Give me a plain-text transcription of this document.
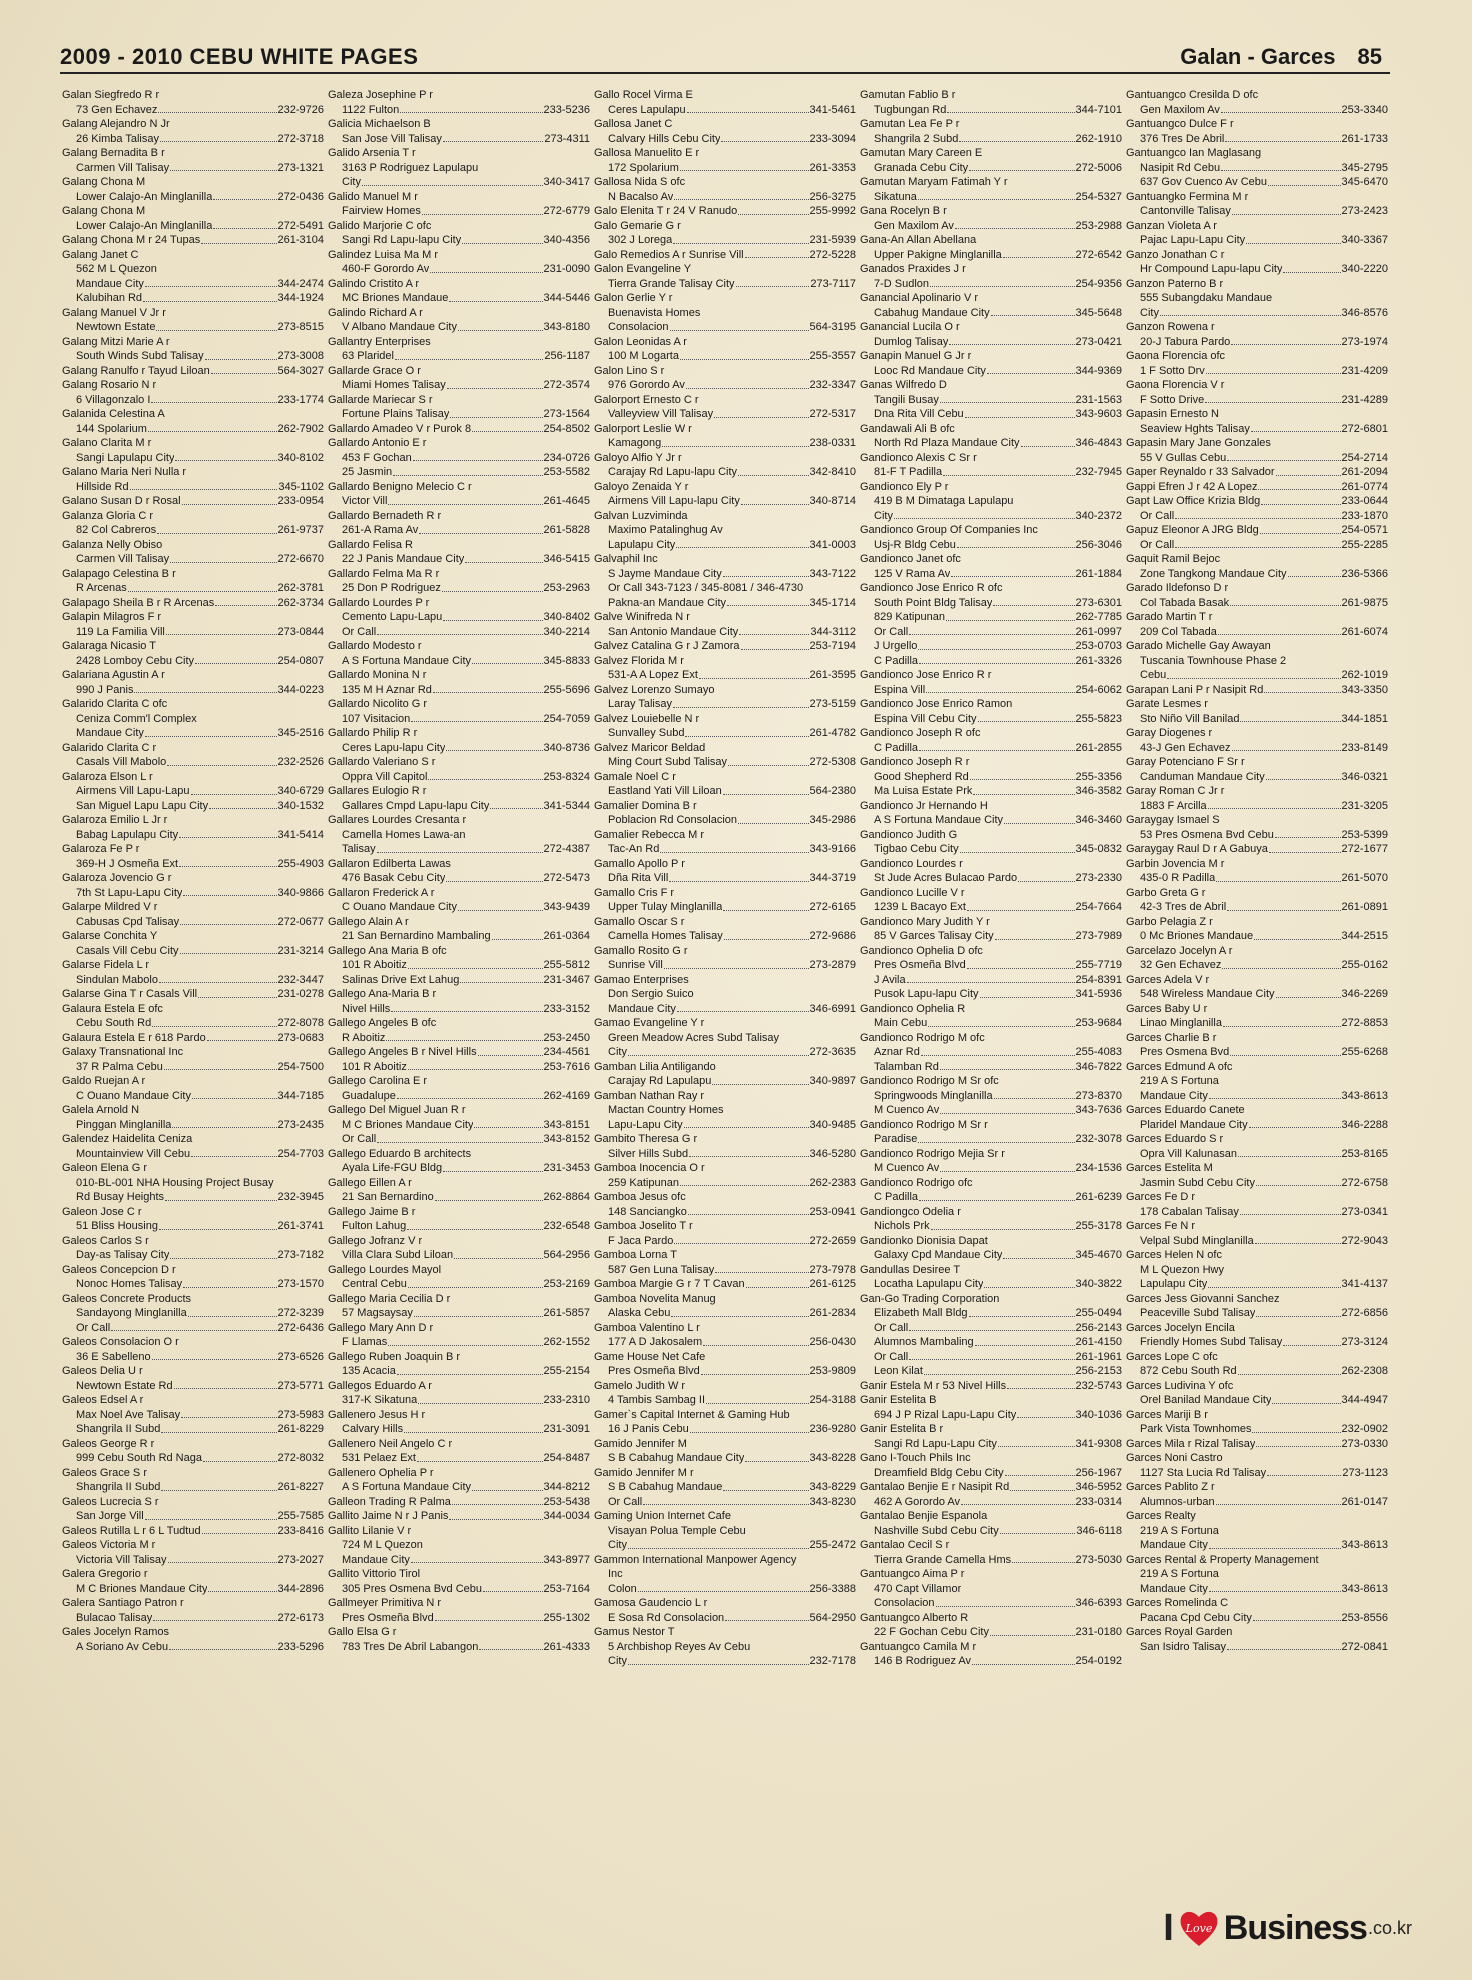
2009 - 2010 CEBU WHITE PAGES	Galan - Garces 85
Galan Siegfredo R r
73 Gen Echavez	232-9726
Galang Alejandro N Jr
26 Kimba Talisay	272-3718
Galang Bernadita B r
Carmen Vill Talisay	273-1321
Galang Chona M
Lower Calajo-An Minglanilla	272-0436
Galang Chona M
Lower Calajo-An Minglanilla	272-5491
Galang Chona M r 24 Tupas	261-3104
Galang Janet C
562 M L Quezon
Mandaue City	344-2474
Kalubihan Rd	344-1924
Galang Manuel V Jr r
Newtown Estate	273-8515
Galang Mitzi Marie A r
South Winds Subd Talisay	273-3008
Galang Ranulfo r Tayud Liloan	564-3027
Galang Rosario N r
6 Villagonzalo I	233-1774
Galanida Celestina A
144 Spolarium	262-7902
Galano Clarita M r
Sangi Lapulapu City	340-8102
Galano Maria Neri Nulla r
Hillside Rd	345-1102
Galano Susan D r Rosal	233-0954
Galanza Gloria C r
82 Col Cabreros	261-9737
Galanza Nelly Obiso
Carmen Vill Talisay	272-6670
Galapago Celestina B r
R Arcenas	262-3781
Galapago Sheila B r R Arcenas	262-3734
Galapin Milagros F r
119 La Familia Vill	273-0844
Galaraga Nicasio T
2428 Lomboy Cebu City	254-0807
Galariana Agustin A r
990 J Panis	344-0223
Galarido Clarita C ofc
Ceniza Comm'l Complex
Mandaue City	345-2516
Galarido Clarita C r
Casals Vill Mabolo	232-2526
Galaroza Elson L r
Airmens Vill Lapu-Lapu	340-6729
San Miguel Lapu Lapu City	340-1532
Galaroza Emilio L Jr r
Babag Lapulapu City	341-5414
Galaroza Fe P r
369-H J Osmeña Ext	255-4903
Galaroza Jovencio G r
7th St Lapu-Lapu City	340-9866
Galarpe Mildred V r
Cabusas Cpd Talisay	272-0677
Galarse Conchita Y
Casals Vill Cebu City	231-3214
Galarse Fidela L r
Sindulan Mabolo	232-3447
Galarse Gina T r Casals Vill	231-0278
Galaura Estela E ofc
Cebu South Rd	272-8078
Galaura Estela E r 618 Pardo	273-0683
Galaxy Transnational Inc
37 R Palma Cebu	254-7500
Galdo Ruejan A r
C Ouano Mandaue City	344-7185
Galela Arnold N
Pinggan Minglanilla	273-2435
Galendez Haidelita Ceniza
Mountainview Vill Cebu	254-7703
Galeon Elena G r
010-BL-001 NHA Housing Project Busay
Rd Busay Heights	232-3945
Galeon Jose C r
51 Bliss Housing	261-3741
Galeos Carlos S r
Day-as Talisay City	273-7182
Galeos Concepcion D r
Nonoc Homes Talisay	273-1570
Galeos Concrete Products
Sandayong Minglanilla	272-3239
Or Call	272-6436
Galeos Consolacion O r
36 E Sabelleno	273-6526
Galeos Delia U r
Newtown Estate Rd	273-5771
Galeos Edsel A r
Max Noel Ave Talisay	273-5983
Shangrila II Subd	261-8229
Galeos George R r
999 Cebu South Rd Naga	272-8032
Galeos Grace S r
Shangrila II Subd	261-8227
Galeos Lucrecia S r
San Jorge Vill	255-7585
Galeos Rutilla L r 6 L Tudtud	233-8416
Galeos Victoria M r
Victoria Vill Talisay	273-2027
Galera Gregorio r
M C Briones Mandaue City	344-2896
Galera Santiago Patron r
Bulacao Talisay	272-6173
Gales Jocelyn Ramos
A Soriano Av Cebu	233-5296
Galeza Josephine P r
1122 Fulton	233-5236
Galicia Michaelson B
San Jose Vill Talisay	273-4311
Galido Arsenia T r
3163 P Rodriguez Lapulapu
City	340-3417
Galido Manuel M r
Fairview Homes	272-6779
Galido Marjorie C ofc
Sangi Rd Lapu-lapu City	340-4356
Galindez Luisa Ma M r
460-F Gorordo Av	231-0090
Galindo Cristito A r
MC Briones Mandaue	344-5446
Galindo Richard A r
V Albano Mandaue City	343-8180
Gallantry Enterprises
63 Plaridel	256-1187
Gallarde Grace O r
Miami Homes Talisay	272-3574
Gallarde Mariecar S r
Fortune Plains Talisay	273-1564
Gallardo Amadeo V r Purok 8	254-8502
Gallardo Antonio E r
453 F Gochan	234-0726
25 Jasmin	253-5582
Gallardo Benigno Melecio C r
Victor Vill	261-4645
Gallardo Bernadeth R r
261-A Rama Av	261-5828
Gallardo Felisa R
22 J Panis Mandaue City	346-5415
Gallardo Felma Ma R r
25 Don P Rodriguez	253-2963
Gallardo Lourdes P r
Cemento Lapu-Lapu	340-8402
Or Call	340-2214
Gallardo Modesto r
A S Fortuna Mandaue City	345-8833
Gallardo Monina N r
135 M H Aznar Rd	255-5696
Gallardo Nicolito G r
107 Visitacion	254-7059
Gallardo Philip R r
Ceres Lapu-lapu City	340-8736
Gallardo Valeriano S r
Oppra Vill Capitol	253-8324
Gallares Eulogio R r
Gallares Cmpd Lapu-lapu City	341-5344
Gallares Lourdes Cresanta r
Camella Homes Lawa-an
Talisay	272-4387
Gallaron Edilberta Lawas
476 Basak Cebu City	272-5473
Gallaron Frederick A r
C Ouano Mandaue City	343-9439
Gallego Alain A r
21 San Bernardino Mambaling	261-0364
Gallego Ana Maria B ofc
101 R Aboitiz	255-5812
Salinas Drive Ext Lahug	231-3467
Gallego Ana-Maria B r
Nivel Hills	233-3152
Gallego Angeles B ofc
R Aboitiz	253-2450
Gallego Angeles B r Nivel Hills	234-4561
101 R Aboitiz	253-7616
Gallego Carolina E r
Guadalupe	262-4169
Gallego Del Miguel Juan R r
M C Briones Mandaue City	343-8151
Or Call	343-8152
Gallego Eduardo B architects
Ayala Life-FGU Bldg	231-3453
Gallego Eillen A r
21 San Bernardino	262-8864
Gallego Jaime B r
Fulton Lahug	232-6548
Gallego Jofranz V r
Villa Clara Subd Liloan	564-2956
Gallego Lourdes Mayol
Central Cebu	253-2169
Gallego Maria Cecilia D r
57 Magsaysay	261-5857
Gallego Mary Ann D r
F Llamas	262-1552
Gallego Ruben Joaquin B r
135 Acacia	255-2154
Gallegos Eduardo A r
317-K Sikatuna	233-2310
Gallenero Jesus H r
Calvary Hills	231-3091
Gallenero Neil Angelo C r
531 Pelaez Ext	254-8487
Gallenero Ophelia P r
A S Fortuna Mandaue City	344-8212
Galleon Trading R Palma	253-5438
Gallito Jaime N r J Panis	344-0034
Gallito Lilanie V r
724 M L Quezon
Mandaue City	343-8977
Gallito Vittorio Tirol
305 Pres Osmena Bvd Cebu	253-7164
Gallmeyer Primitiva N r
Pres Osmeña Blvd	255-1302
Gallo Elsa G r
783 Tres De Abril Labangon	261-4333
Gallo Rocel Virma E
Ceres Lapulapu	341-5461
Gallosa Janet C
Calvary Hills Cebu City	233-3094
Gallosa Manuelito E r
172 Spolarium	261-3353
Gallosa Nida S ofc
N Bacalso Av	256-3275
Galo Elenita T r 24 V Ranudo	255-9992
Galo Gemarie G r
302 J Lorega	231-5939
Galo Remedios A r Sunrise Vill	272-5228
Galon Evangeline Y
Tierra Grande Talisay City	273-7117
Galon Gerlie Y r
Buenavista Homes
Consolacion	564-3195
Galon Leonidas A r
100 M Logarta	255-3557
Galon Lino S r
976 Gorordo Av	232-3347
Galorport Ernesto C r
Valleyview Vill Talisay	272-5317
Galorport Leslie W r
Kamagong	238-0331
Galoyo Alfio Y Jr r
Carajay Rd Lapu-lapu City	342-8410
Galoyo Zenaida Y r
Airmens Vill Lapu-lapu City	340-8714
Galvan Luzviminda
Maximo Patalinghug Av
Lapulapu City	341-0003
Galvaphil Inc
S Jayme Mandaue City	343-7122
Or Call 343-7123 / 345-8081 / 346-4730
Pakna-an Mandaue City	345-1714
Galve Winifreda N r
San Antonio Mandaue City	344-3112
Galvez Catalina G r J Zamora	253-7194
Galvez Florida M r
531-A A Lopez Ext	261-3595
Galvez Lorenzo Sumayo
Laray Talisay	273-5159
Galvez Louiebelle N r
Sunvalley Subd	261-4782
Galvez Maricor Beldad
Ming Court Subd Talisay	272-5308
Gamale Noel C r
Eastland Yati Vill Liloan	564-2380
Gamalier Domina B r
Poblacion Rd Consolacion	345-2986
Gamalier Rebecca M r
Tac-An Rd	343-9166
Gamallo Apollo P r
Dña Rita Vill	344-3719
Gamallo Cris F r
Upper Tulay Minglanilla	272-6165
Gamallo Oscar S r
Camella Homes Talisay	272-9686
Gamallo Rosito G r
Sunrise Vill	273-2879
Gamao Enterprises
Don Sergio Suico
Mandaue City	346-6991
Gamao Evangeline Y r
Green Meadow Acres Subd Talisay
City	272-3635
Gamban Lilia Antiligando
Carajay Rd Lapulapu	340-9897
Gamban Nathan Ray r
Mactan Country Homes
Lapu-Lapu City	340-9485
Gambito Theresa G r
Silver Hills Subd	346-5280
Gamboa Inocencia O r
259 Katipunan	262-2383
Gamboa Jesus ofc
148 Sanciangko	253-0941
Gamboa Joselito T r
F Jaca Pardo	272-2659
Gamboa Lorna T
587 Gen Luna Talisay	273-7978
Gamboa Margie G r 7 T Cavan	261-6125
Gamboa Novelita Manug
Alaska Cebu	261-2834
Gamboa Valentino L r
177 A D Jakosalem	256-0430
Game House Net Cafe
Pres Osmeña Blvd	253-9809
Gamelo Judith W r
4 Tambis Sambag II	254-3188
Gamer`s Capital Internet & Gaming Hub
16 J Panis Cebu	236-9280
Gamido Jennifer M
S B Cabahug Mandaue City	343-8228
Gamido Jennifer M r
S B Cabahug Mandaue	343-8229
Or Call	343-8230
Gaming Union Internet Cafe
Visayan Polua Temple Cebu
City	255-2472
Gammon International Manpower Agency
Inc
Colon	256-3388
Gamosa Gaudencio L r
E Sosa Rd Consolacion	564-2950
Gamus Nestor T
5 Archbishop Reyes Av Cebu
City	232-7178
Gamutan Fablio B r
Tugbungan Rd	344-7101
Gamutan Lea Fe P r
Shangrila 2 Subd	262-1910
Gamutan Mary Careen E
Granada Cebu City	272-5006
Gamutan Maryam Fatimah Y r
Sikatuna	254-5327
Gana Rocelyn B r
Gen Maxilom Av	253-2988
Gana-An Allan Abellana
Upper Pakigne Minglanilla	272-6542
Ganados Praxides J r
7-D Sudlon	254-9356
Ganancial Apolinario V r
Cabahug Mandaue City	345-5648
Ganancial Lucila O r
Dumlog Talisay	273-0421
Ganapin Manuel G Jr r
Looc Rd Mandaue City	344-9369
Ganas Wilfredo D
Tangili Busay	231-1563
Dna Rita Vill Cebu	343-9603
Gandawali Ali B ofc
North Rd Plaza Mandaue City	346-4843
Gandionco Alexis C Sr r
81-F T Padilla	232-7945
Gandionco Ely P r
419 B M Dimataga Lapulapu
City	340-2372
Gandionco Group Of Companies Inc
Usj-R Bldg Cebu	256-3046
Gandionco Janet ofc
125 V Rama Av	261-1884
Gandionco Jose Enrico R ofc
South Point Bldg Talisay	273-6301
829 Katipunan	262-7785
Or Call	261-0997
J Urgello	253-0703
C Padilla	261-3326
Gandionco Jose Enrico R r
Espina Vill	254-6062
Gandionco Jose Enrico Ramon
Espina Vill Cebu City	255-5823
Gandionco Joseph R ofc
C Padilla	261-2855
Gandionco Joseph R r
Good Shepherd Rd	255-3356
Ma Luisa Estate Prk	346-3582
Gandionco Jr Hernando H
A S Fortuna Mandaue City	346-3460
Gandionco Judith G
Tigbao Cebu City	345-0832
Gandionco Lourdes r
St Jude Acres Bulacao Pardo	273-2330
Gandionco Lucille V r
1239 L Bacayo Ext	254-7664
Gandionco Mary Judith Y r
85 V Garces Talisay City	273-7989
Gandionco Ophelia D ofc
Pres Osmeña Blvd	255-7719
J Avila	254-8391
Pusok Lapu-lapu City	341-5936
Gandionco Ophelia R
Main Cebu	253-9684
Gandionco Rodrigo M ofc
Aznar Rd	255-4083
Talamban Rd	346-7822
Gandionco Rodrigo M Sr ofc
Springwoods Minglanilla	273-8370
M Cuenco Av	343-7636
Gandionco Rodrigo M Sr r
Paradise	232-3078
Gandionco Rodrigo Mejia Sr r
M Cuenco Av	234-1536
Gandionco Rodrigo ofc
C Padilla	261-6239
Gandiongco Odelia r
Nichols Prk	255-3178
Gandionko Dionisia Dapat
Galaxy Cpd Mandaue City	345-4670
Gandullas Desiree T
Locatha Lapulapu City	340-3822
Gan-Go Trading Corporation
Elizabeth Mall Bldg	255-0494
Or Call	256-2143
Alumnos Mambaling	261-4150
Or Call	261-1961
Leon Kilat	256-2153
Ganir Estela M r 53 Nivel Hills	232-5743
Ganir Estelita B
694 J P Rizal Lapu-Lapu City	340-1036
Ganir Estelita B r
Sangi Rd Lapu-Lapu City	341-9308
Gano I-Touch Phils Inc
Dreamfield Bldg Cebu City	256-1967
Gantalao Benjie E r Nasipit Rd	346-5952
462 A Gorordo Av	233-0314
Gantalao Benjie Espanola
Nashville Subd Cebu City	346-6118
Gantalao Cecil S r
Tierra Grande Camella Hms	273-5030
Gantuangco Aima P r
470 Capt Villamor
Consolacion	346-6393
Gantuangco Alberto R
22 F Gochan Cebu City	231-0180
Gantuangco Camila M r
146 B Rodriguez Av	254-0192
Gantuangco Cresilda D ofc
Gen Maxilom Av	253-3340
Gantuangco Dulce F r
376 Tres De Abril	261-1733
Gantuangco Ian Maglasang
Nasipit Rd Cebu	345-2795
637 Gov Cuenco Av Cebu	345-6470
Gantuangko Fermina M r
Cantonville Talisay	273-2423
Ganzan Violeta A r
Pajac Lapu-Lapu City	340-3367
Ganzo Jonathan C r
Hr Compound Lapu-lapu City	340-2220
Ganzon Paterno B r
555 Subangdaku Mandaue
City	346-8576
Ganzon Rowena r
20-J Tabura Pardo	273-1974
Gaona Florencia ofc
1 F Sotto Drv	231-4209
Gaona Florencia V r
F Sotto Drive	231-4289
Gapasin Ernesto N
Seaview Hghts Talisay	272-6801
Gapasin Mary Jane Gonzales
55 V Gullas Cebu	254-2714
Gaper Reynaldo r 33 Salvador	261-2094
Gappi Efren J r 42 A Lopez	261-0774
Gapt Law Office Krizia Bldg	233-0644
Or Call	233-1870
Gapuz Eleonor A JRG Bldg	254-0571
Or Call	255-2285
Gaquit Ramil Bejoc
Zone Tangkong Mandaue City	236-5366
Garado Ildefonso D r
Col Tabada Basak	261-9875
Garado Martin T r
209 Col Tabada	261-6074
Garado Michelle Gay Awayan
Tuscania Townhouse Phase 2
Cebu	262-1019
Garapan Lani P r Nasipit Rd	343-3350
Garate Lesmes r
Sto Niño Vill Banilad	344-1851
Garay Diogenes r
43-J Gen Echavez	233-8149
Garay Potenciano F Sr r
Canduman Mandaue City	346-0321
Garay Roman C Jr r
1883 F Arcilla	231-3205
Garaygay Ismael S
53 Pres Osmena Bvd Cebu	253-5399
Garaygay Raul D r A Gabuya	272-1677
Garbin Jovencia M r
435-0 R Padilla	261-5070
Garbo Greta G r
42-3 Tres de Abril	261-0891
Garbo Pelagia Z r
0 Mc Briones Mandaue	344-2515
Garcelazo Jocelyn A r
32 Gen Echavez	255-0162
Garces Adela V r
548 Wireless Mandaue City	346-2269
Garces Baby U r
Linao Minglanilla	272-8853
Garces Charlie B r
Pres Osmena Bvd	255-6268
Garces Edmund A ofc
219 A S Fortuna
Mandaue City	343-8613
Garces Eduardo Canete
Plaridel Mandaue City	346-2288
Garces Eduardo S r
Opra Vill Kalunasan	253-8165
Garces Estelita M
Jasmin Subd Cebu City	272-6758
Garces Fe D r
178 Cabalan Talisay	273-0341
Garces Fe N r
Velpal Subd Minglanilla	272-9043
Garces Helen N ofc
M L Quezon Hwy
Lapulapu City	341-4137
Garces Jess Giovanni Sanchez
Peaceville Subd Talisay	272-6856
Garces Jocelyn Encila
Friendly Homes Subd Talisay	273-3124
Garces Lope C ofc
872 Cebu South Rd	262-2308
Garces Ludivina Y ofc
Orel Banilad Mandaue City	344-4947
Garces Mariji B r
Park Vista Townhomes	232-0902
Garces Mila r Rizal Talisay	273-0330
Garces Noni Castro
1127 Sta Lucia Rd Talisay	273-1123
Garces Pablito Z r
Alumnos-urban	261-0147
Garces Realty
219 A S Fortuna
Mandaue City	343-8613
Garces Rental & Property Management
219 A S Fortuna
Mandaue City	343-8613
Garces Romelinda C
Pacana Cpd Cebu City	253-8556
Garces Royal Garden
San Isidro Talisay	272-0841
I Love Business .co.kr
